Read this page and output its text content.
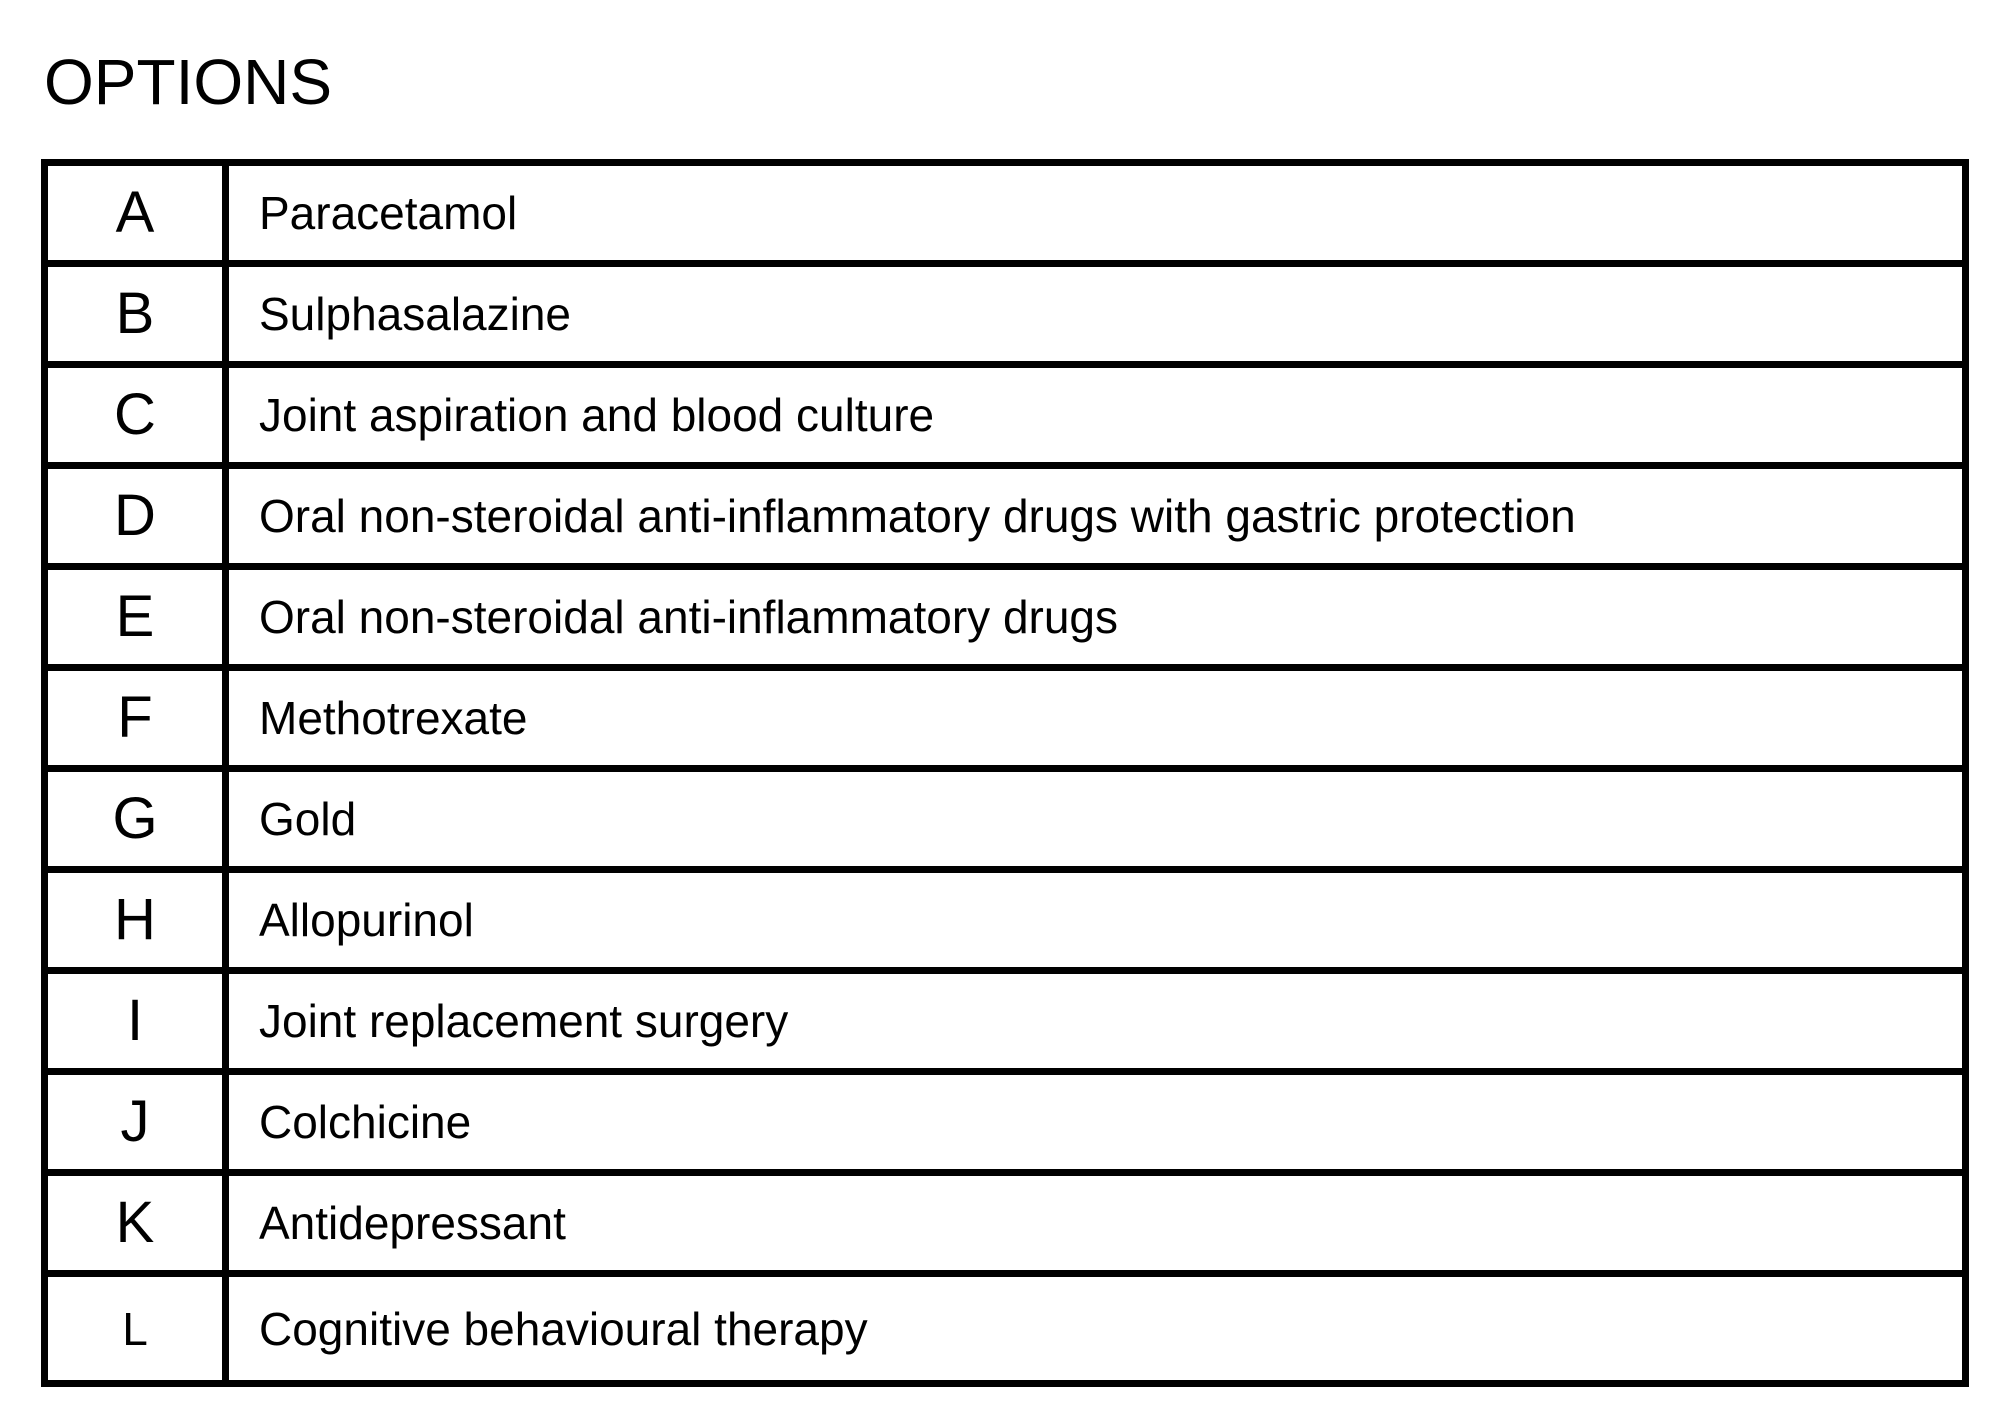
OPTIONS
A	Paracetamol
B	Sulphasalazine
C	Joint aspiration and blood culture
D	Oral non-steroidal anti-inflammatory drugs with gastric protection
E	Oral non-steroidal anti-inflammatory drugs
F	Methotrexate
G	Gold
H	Allopurinol
I	Joint replacement surgery
J	Colchicine
K	Antidepressant
L	Cognitive behavioural therapy
